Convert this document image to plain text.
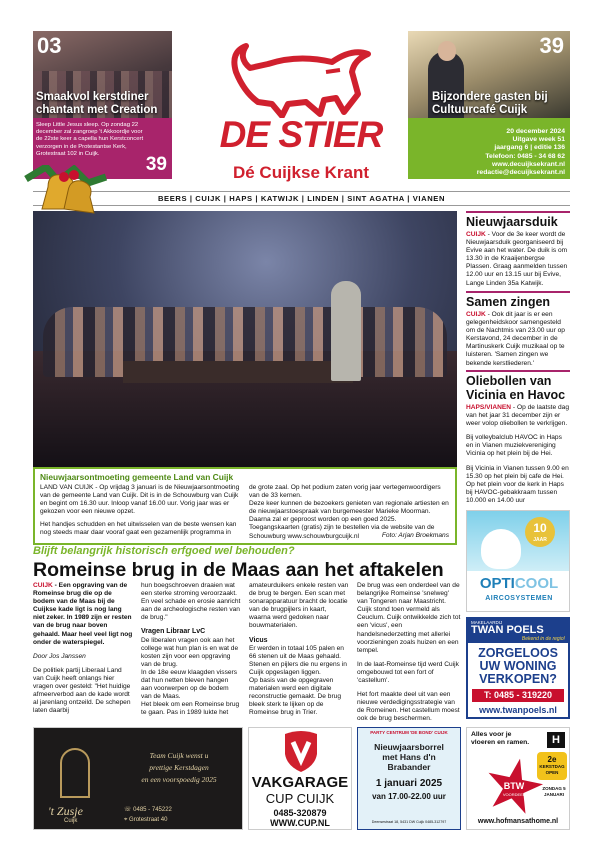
03
Smaakvol kerstdiner chantant met Creation
39
Bijzondere gasten bij Cultuurcafé Cuijk
Sleep Little Jesus sleep. Op zondag 22 december zal zangroep 't Akkoordje voor de 22ste keer a capella hun Kerstconcert verzorgen in de Protestantse Kerk, Grotestraat 102 in Cuijk.
39
20 december 2024
Uitgave week 51
jaargang 6 | editie 136
Telefoon: 0485 - 34 68 62
www.decuijksekrant.nl
redactie@decuijksekrant.nl
DE STIER
Dé Cuijkse Krant
BEERS | CUIJK | HAPS | KATWIJK | LINDEN | SINT AGATHA | VIANEN
Nieuwjaarsontmoeting gemeente Land van Cuijk
LAND VAN CUIJK - Op vrijdag 3 januari is de Nieuwjaarsontmoeting van de gemeente Land van Cuijk. Dit is in de Schouwburg van Cuijk en begint om 16.30 uur. Inloop vanaf 16.00 uur. Vorig jaar was er gekozen voor een nieuwe opzet.
Het handjes schudden en het uitwisselen van de beste wensen kan nog steeds maar daar vooraf gaat een gezamenlijk programma in
de grote zaal. Op het podium zaten vorig jaar vertegenwoordigers van de 33 kernen.
Deze keer kunnen de bezoekers genieten van regionale artiesten en de nieuwjaarstoespraak van burgemeester Marieke Moorman. Daarna zal er geproost worden op een goed 2025.
Toegangskaarten (gratis) zijn te bestellen via de website van de Schouwburg www.schouwburgcuijk.nl	Foto: Arjan Broekmans
Nieuwjaarsduik
CUIJK - Voor de 3e keer wordt de Nieuwjaarsduik georganiseerd bij Evive aan het water. De duik is om 13.30 in de Kraaijenbergse Plassen. Graag aanmelden tussen 12.00 uur en 13.15 uur bij Evive, Lange Linden 35a Katwijk.
Samen zingen
CUIJK - Ook dit jaar is er een gelegenheidskoor samengesteld om de Nachtmis van 23.00 uur op Kerstavond, 24 december in de Martinuskerk Cuijk muzikaal op te luisteren. 'Samen zingen we bekende kerstliederen.'
Oliebollen van Vicinia en Havoc
HAPS/VIANEN - Op de laatste dag van het jaar 31 december zijn er weer volop oliebollen te verkrijgen.
Bij volleybalclub HAVOC in Haps en in Vianen muziekvereniging Vicinia op het plein bij de Hei.
Bij Vicinia in Vianen tussen 9.00 en 15.30 op het plein bij cafe de Hei. Op het plein voor de kerk in Haps bij HAVOC-gebakkraam tussen 10.000 en 14.00 uur
10
JAAR
OPTICOOL
AIRCOSYSTEMEN
MAKELAARDIJ
TWAN POELS
Bekend in de regio!
ZORGELOOS
UW WONING
VERKOPEN?
T: 0485 - 319220
www.twanpoels.nl
Blijft belangrijk historisch erfgoed wel behouden?
Romeinse brug in de Maas aan het aftakelen

CUIJK - Een opgraving van de Romeinse brug die op de bodem van de Maas bij de Cuijkse kade ligt is nog lang niet zeker. In 1989 zijn er resten van de brug naar boven gehaald. Maar heel veel ligt nog onder de waterspiegel.

Door Jos Janssen

De politiek partij Liberaal Land van Cuijk heeft onlangs hier vragen over gesteld: "Het huidige afmeerverbod aan de kade wordt al jarenlang ontzeild. De schepen laten daarbij

hun boegschroeven draaien wat een sterke stroming veroorzaakt. En veel schade en erosie aanricht aan de archeologische resten van de brug."

Vragen Libraar LvC

De liberalen vragen ook aan het college wat hun plan is en wat de kosten zijn voor een opgraving van de brug.

In de 18e eeuw klaagden vissers dat hun netten bleven hangen aan voorwerpen op de bodem van de Maas.

Het bleek om een Romeinse brug te gaan. Pas in 1989 lukte het

amateurduikers enkele resten van de brug te bergen. Een scan met sonarapparatuur bracht de locatie van de brugpijlers in kaart, waarna werd gedoken naar bouwmaterialen.

Vicus

Er werden in totaal 105 palen en 66 stenen uit de Maas gehaald. Stenen en pijlers die nu ergens in Cuijk opgeslagen liggen.

Op basis van de opgegraven materialen werd een digitale reconstructie gemaakt. De brug bleek sterk te lijken op de Romeinse brug in Trier.

De brug was een onderdeel van de belangrijke Romeinse 'snelweg' van Tongeren naar Maastricht. Cuijk stond toen vermeld als Ceuclum. Cuijk ontwikkelde zich tot een 'vicus', een handelsnederzetting met allerlei voorzieningen zoals huizen en een tempel.

In de laat-Romeinse tijd werd Cuijk omgebouwd tot een fort of 'castellum'.

Het fort maakte deel uit van een nieuwe verdedigingsstrategie van de Romeinen. Het castellum moest ook de brug beschermen.

't Zusje
Cuijk
Team Cuijk wenst u
prettige Kerstdagen
en een voorspoedig 2025
☏ 0485 - 745222
⌖ Grotestraat 40
VAKGARAGE
CUP CUIJK
0485-320879
WWW.CUP.NL
PARTY CENTRUM 'DE BOND' CUIJK
Nieuwjaarsborrel
met Hans d'n
Brabander
1 januari 2025
van 17.00-22.00 uur
Deensestraat 18, 5431 DW Cuijk 0485-312797
Alles voor je
vloeren en ramen.	H
BTW
VOORDEEL
2e
KERSTDAG OPEN
ZONDAG 5 JANUARI
www.hofmansathome.nl
